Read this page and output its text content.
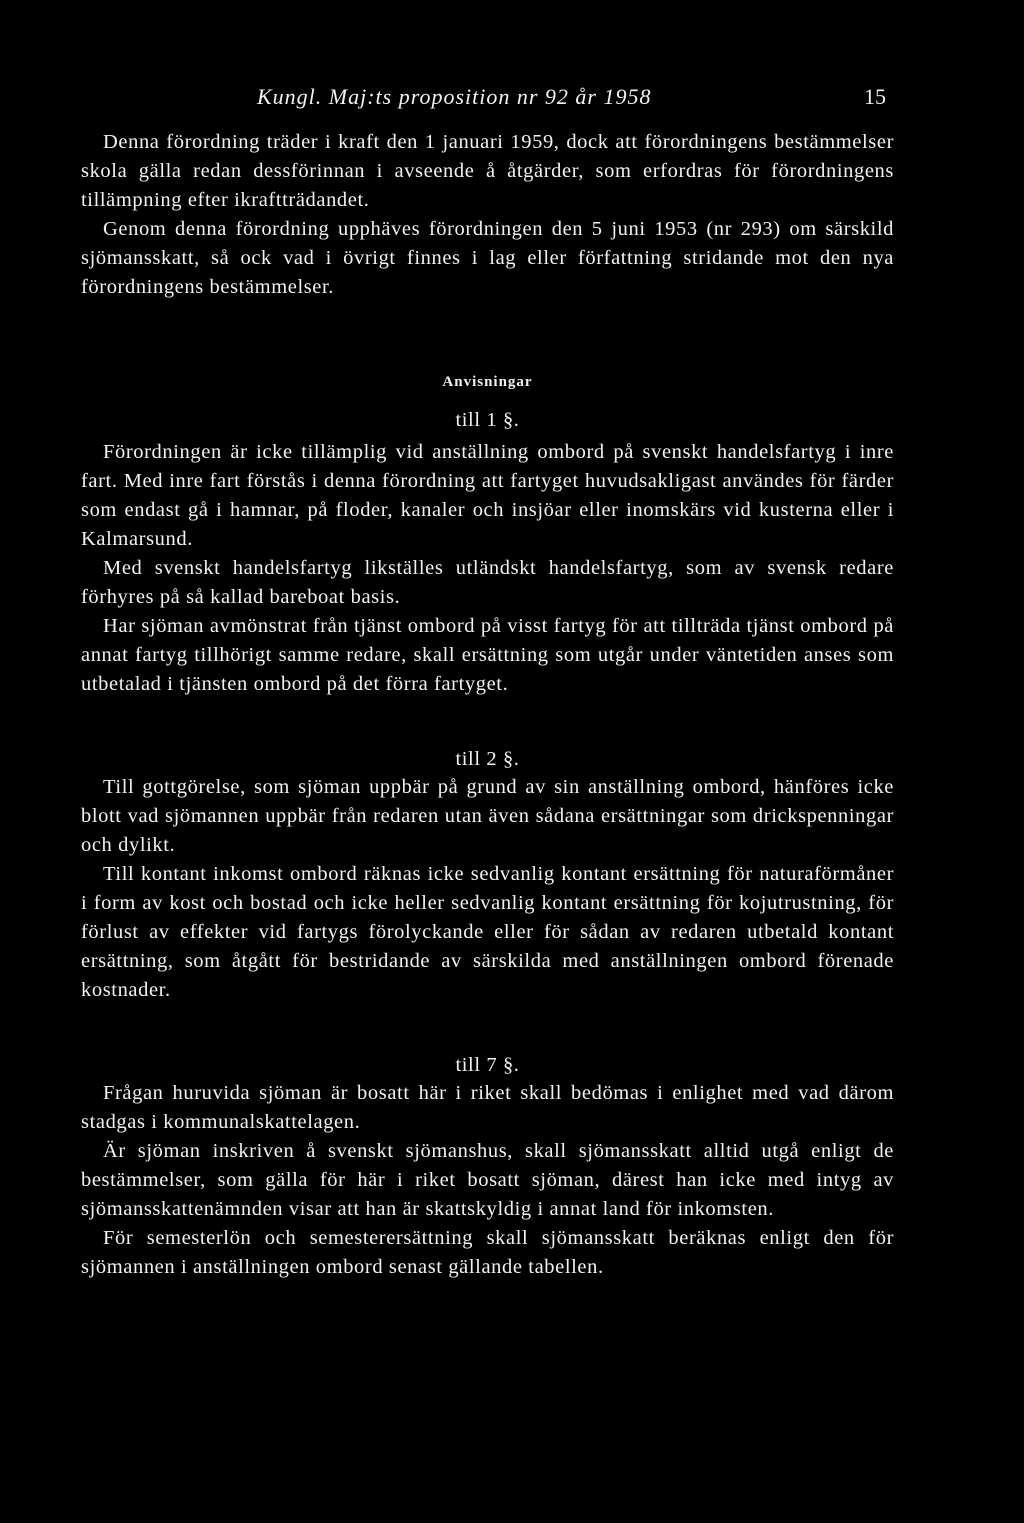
Kungl. Maj:ts proposition nr 92 år 1958	15

Denna förordning träder i kraft den 1 januari 1959, dock att förordningens bestämmelser skola gälla redan dessförinnan i avseende å åtgärder, som erfordras för förordningens tillämpning efter ikraftträdandet.

Genom denna förordning upphäves förordningen den 5 juni 1953 (nr 293) om särskild sjömansskatt, så ock vad i övrigt finnes i lag eller författning stridande mot den nya förordningens bestämmelser.

Anvisningar
till 1 §.

Förordningen är icke tillämplig vid anställning ombord på svenskt handelsfartyg i inre fart. Med inre fart förstås i denna förordning att fartyget huvudsakligast användes för färder som endast gå i hamnar, på floder, kanaler och insjöar eller inomskärs vid kusterna eller i Kalmarsund.

Med svenskt handelsfartyg likställes utländskt handelsfartyg, som av svensk redare förhyres på så kallad bareboat basis.

Har sjöman avmönstrat från tjänst ombord på visst fartyg för att tillträda tjänst ombord på annat fartyg tillhörigt samme redare, skall ersättning som utgår under väntetiden anses som utbetalad i tjänsten ombord på det förra fartyget.

till 2 §.

Till gottgörelse, som sjöman uppbär på grund av sin anställning ombord, hänföres icke blott vad sjömannen uppbär från redaren utan även sådana ersättningar som drickspenningar och dylikt.

Till kontant inkomst ombord räknas icke sedvanlig kontant ersättning för naturaförmåner i form av kost och bostad och icke heller sedvanlig kontant ersättning för kojutrustning, för förlust av effekter vid fartygs förolyckande eller för sådan av redaren utbetald kontant ersättning, som åtgått för bestridande av särskilda med anställningen ombord förenade kostnader.

till 7 §.

Frågan huruvida sjöman är bosatt här i riket skall bedömas i enlighet med vad därom stadgas i kommunalskattelagen.

Är sjöman inskriven å svenskt sjömanshus, skall sjömansskatt alltid utgå enligt de bestämmelser, som gälla för här i riket bosatt sjöman, därest han icke med intyg av sjömansskattenämnden visar att han är skattskyldig i annat land för inkomsten.

För semesterlön och semesterersättning skall sjömansskatt beräknas enligt den för sjömannen i anställningen ombord senast gällande tabellen.
